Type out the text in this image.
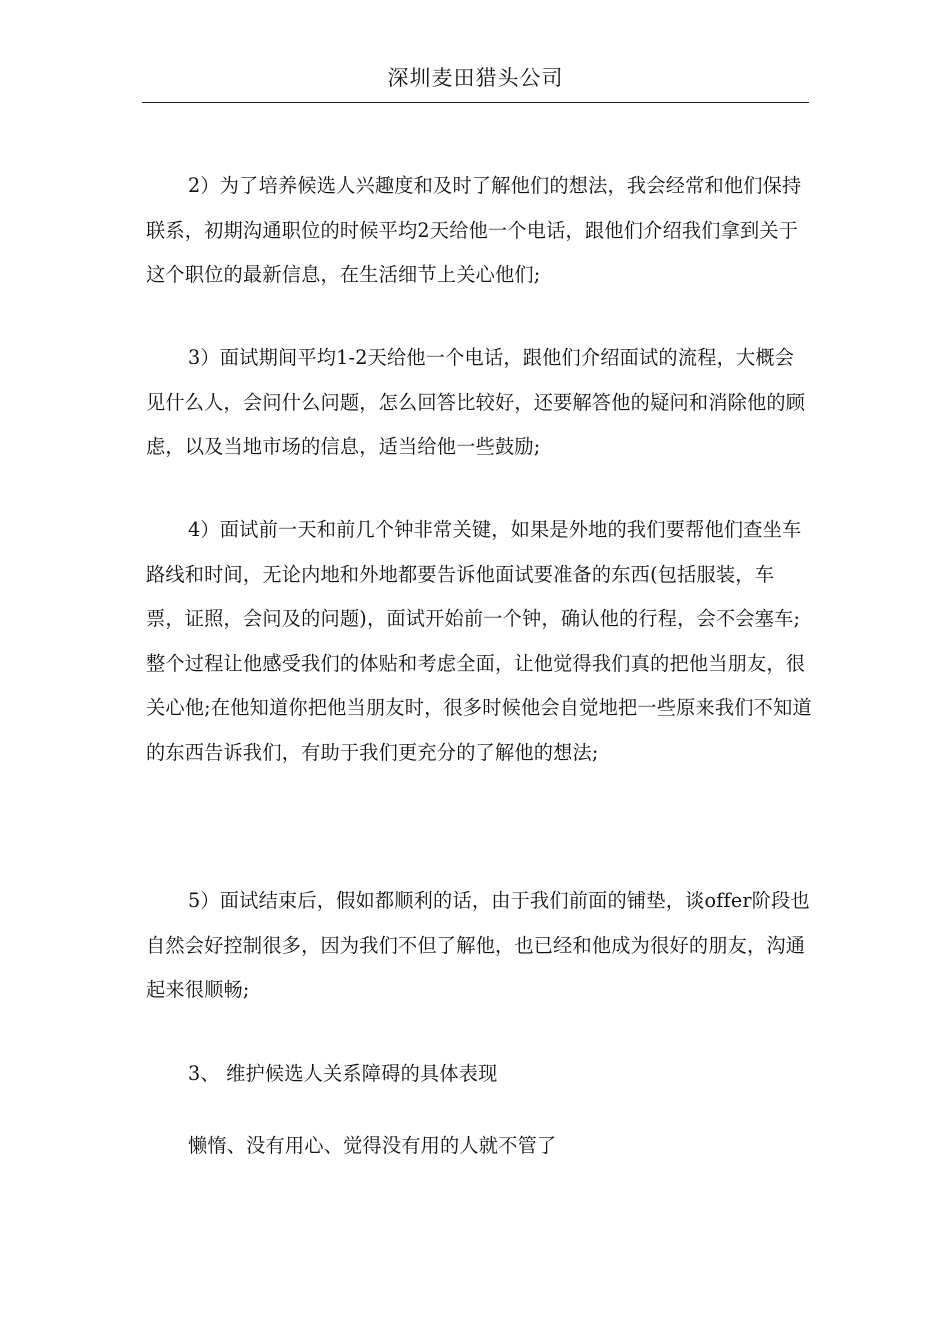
深圳麦田猎头公司

2）为了培养候选人兴趣度和及时了解他们的想法，我会经常和他们保持联系，初期沟通职位的时候平均2天给他一个电话，跟他们介绍我们拿到关于这个职位的最新信息，在生活细节上关心他们;

3）面试期间平均1-2天给他一个电话，跟他们介绍面试的流程，大概会见什么人，会问什么问题，怎么回答比较好，还要解答他的疑问和消除他的顾虑，以及当地市场的信息，适当给他一些鼓励;

4）面试前一天和前几个钟非常关键，如果是外地的我们要帮他们查坐车路线和时间，无论内地和外地都要告诉他面试要准备的东西(包括服装，车票，证照，会问及的问题)，面试开始前一个钟，确认他的行程，会不会塞车;整个过程让他感受我们的体贴和考虑全面，让他觉得我们真的把他当朋友，很关心他;在他知道你把他当朋友时，很多时候他会自觉地把一些原来我们不知道的东西告诉我们，有助于我们更充分的了解他的想法;

5）面试结束后，假如都顺利的话，由于我们前面的铺垫，谈offer阶段也自然会好控制很多，因为我们不但了解他，也已经和他成为很好的朋友，沟通起来很顺畅;

3、 维护候选人关系障碍的具体表现

懒惰、没有用心、觉得没有用的人就不管了
